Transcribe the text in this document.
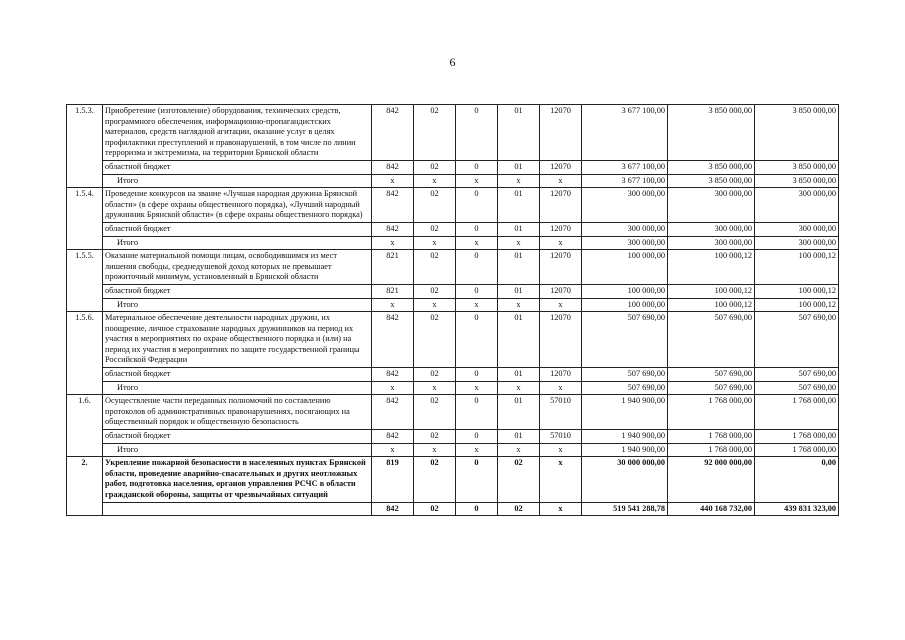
6
1.5.3.	Приобретение (изготовление) оборудования, технических средств, программного обеспечения, информационно-пропагандистских материалов, средств наглядной агитации, оказание услуг в целях профилактики преступлений и правонарушений, в том числе по линии терроризма и экстремизма, на территории Брянской области	842	02	0	01	12070	3 677 100,00	3 850 000,00	3 850 000,00
	областной бюджет	842	02	0	01	12070	3 677 100,00	3 850 000,00	3 850 000,00
	Итого	х	х	х	х	х	3 677 100,00	3 850 000,00	3 850 000,00
1.5.4.	Проведение конкурсов на звание «Лучшая народная дружина Брянской области» (в сфере охраны общественного порядка), «Лучший народный дружинник Брянской области» (в сфере охраны общественного порядка)	842	02	0	01	12070	300 000,00	300 000,00	300 000,00
	областной бюджет	842	02	0	01	12070	300 000,00	300 000,00	300 000,00
	Итого	х	х	х	х	х	300 000,00	300 000,00	300 000,00
1.5.5.	Оказание материальной помощи лицам, освободившимся из мест лишения свободы, среднедушевой доход которых не превышает прожиточный минимум, установленный в Брянской области	821	02	0	01	12070	100 000,00	100 000,12	100 000,12
	областной бюджет	821	02	0	01	12070	100 000,00	100 000,12	100 000,12
	Итого	х	х	х	х	х	100 000,00	100 000,12	100 000,12
1.5.6.	Материальное обеспечение деятельности народных дружин, их поощрение, личное страхование народных дружинников на период их участия в мероприятиях по охране общественного порядка и (или) на период их участия в мероприятиях по защите государственной границы Российской Федерации	842	02	0	01	12070	507 690,00	507 690,00	507 690,00
	областной бюджет	842	02	0	01	12070	507 690,00	507 690,00	507 690,00
	Итого	х	х	х	х	х	507 690,00	507 690,00	507 690,00
1.6.	Осуществление части переданных полномочий по составлению протоколов об административных правонарушениях, посягающих на общественный порядок и общественную безопасность	842	02	0	01	57010	1 940 900,00	1 768 000,00	1 768 000,00
	областной бюджет	842	02	0	01	57010	1 940 900,00	1 768 000,00	1 768 000,00
	Итого	х	х	х	х	х	1 940 900,00	1 768 000,00	1 768 000,00
2.	Укрепление пожарной безопасности в населенных пунктах Брянской области, проведение аварийно-спасательных и других неотложных работ, подготовка населения, органов управления РСЧС в области гражданской обороны, защиты от чрезвычайных ситуаций	819	02	0	02	х	30 000 000,00	92 000 000,00	0,00
		842	02	0	02	х	519 541 288,78	440 168 732,00	439 831 323,00
